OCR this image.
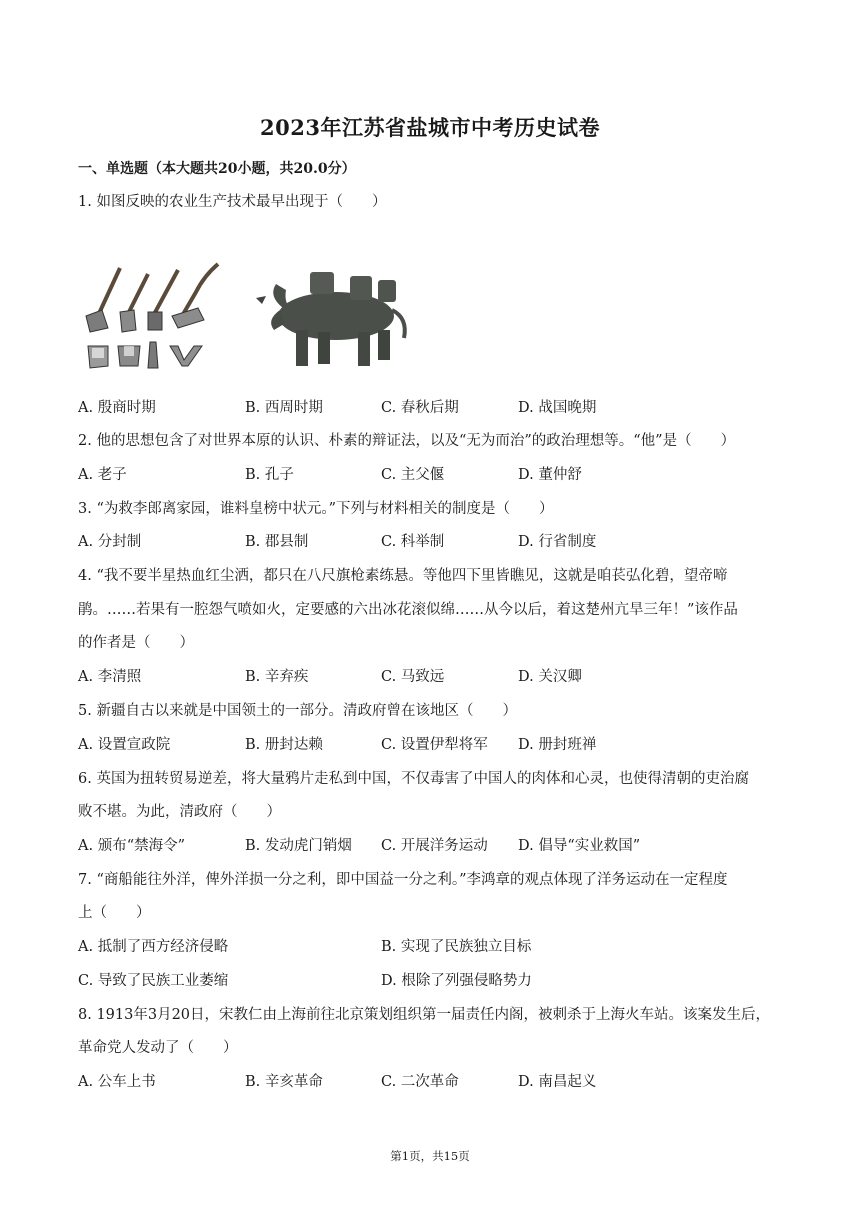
2023年江苏省盐城市中考历史试卷
一、单选题（本大题共20小题，共20.0分）
1. 如图反映的农业生产技术最早出现于（　　）
A. 殷商时期	B. 西周时期	C. 春秋后期	D. 战国晚期
2. 他的思想包含了对世界本原的认识、朴素的辩证法，以及“无为而治”的政治理想等。“他”是（　　）
A. 老子	B. 孔子	C. 主父偃	D. 董仲舒
3. “为救李郎离家园，谁料皇榜中状元。”下列与材料相关的制度是（　　）
A. 分封制	B. 郡县制	C. 科举制	D. 行省制度
4. “我不要半星热血红尘洒，都只在八尺旗枪素练悬。等他四下里皆瞧见，这就是咱苌弘化碧，望帝啼
鹃。……若果有一腔怨气喷如火，定要感的六出冰花滚似绵……从今以后，着这楚州亢旱三年！”该作品
的作者是（　　）
A. 李清照	B. 辛弃疾	C. 马致远	D. 关汉卿
5. 新疆自古以来就是中国领土的一部分。清政府曾在该地区（　　）
A. 设置宣政院	B. 册封达赖	C. 设置伊犁将军 D. 册封班禅
6. 英国为扭转贸易逆差，将大量鸦片走私到中国，不仅毒害了中国人的肉体和心灵，也使得清朝的吏治腐
败不堪。为此，清政府（　　）
A. 颁布“禁海令”	B. 发动虎门销烟 C. 开展洋务运动 D. 倡导“实业救国”
7. “商船能往外洋，俾外洋损一分之利，即中国益一分之利。”李鸿章的观点体现了洋务运动在一定程度
上（　　）
A. 抵制了西方经济侵略	B. 实现了民族独立目标
C. 导致了民族工业萎缩	D. 根除了列强侵略势力
8. 1913年3月20日，宋教仁由上海前往北京策划组织第一届责任内阁，被刺杀于上海火车站。该案发生后，
革命党人发动了（　　）
A. 公车上书	B. 辛亥革命	C. 二次革命	D. 南昌起义
第1页，共15页
